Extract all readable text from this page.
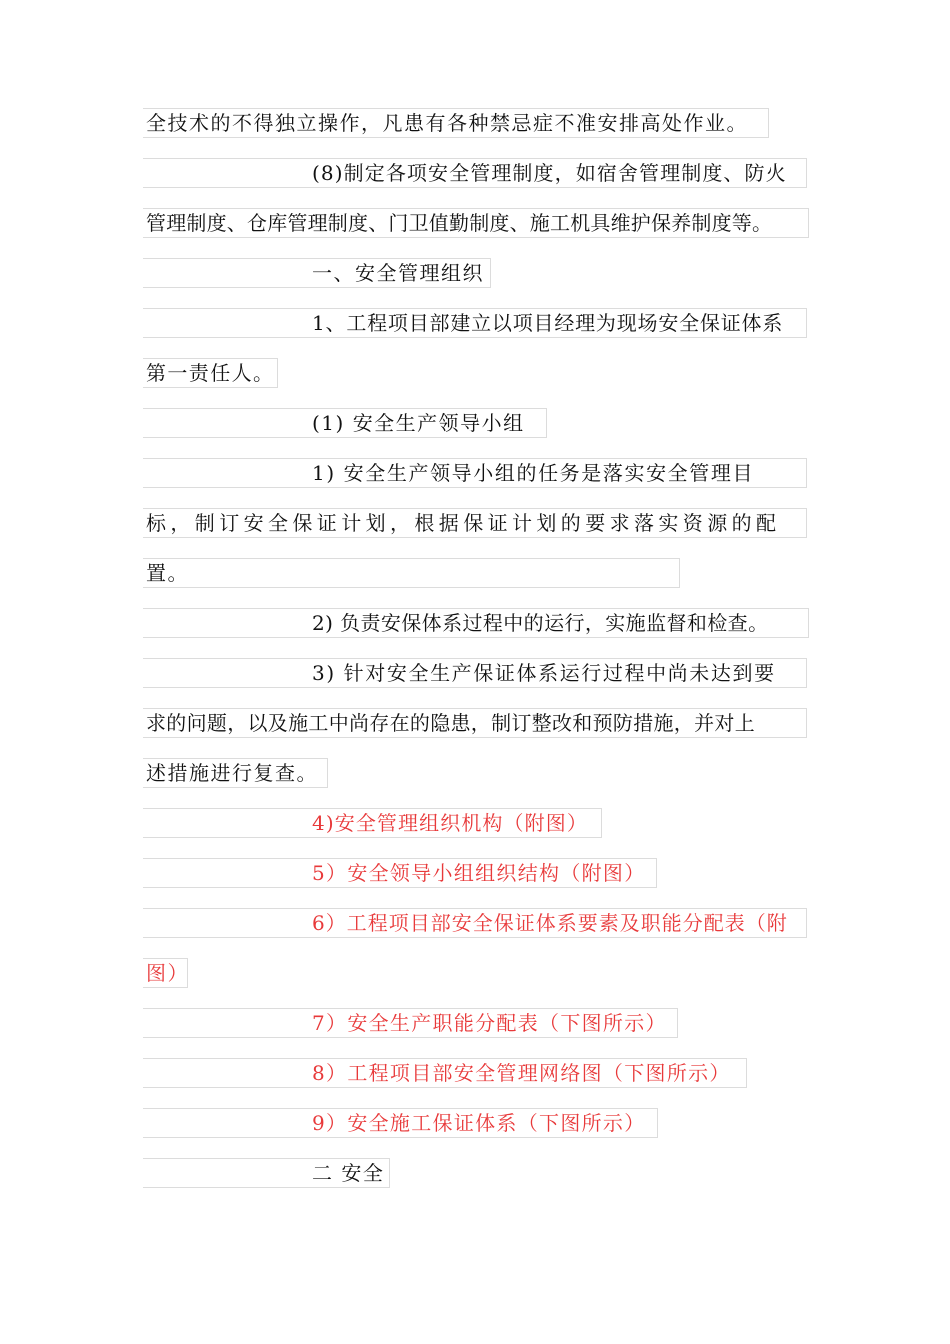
全技术的不得独立操作，凡患有各种禁忌症不准安排高处作业。
(8)制定各项安全管理制度，如宿舍管理制度、防火
管理制度、仓库管理制度、门卫值勤制度、施工机具维护保养制度等。
一、安全管理组织
1、工程项目部建立以项目经理为现场安全保证体系
第一责任人。
(1) 安全生产领导小组
1) 安全生产领导小组的任务是落实安全管理目
标，制订安全保证计划，根据保证计划的要求落实资源的配
置。
2) 负责安保体系过程中的运行，实施监督和检查。
3) 针对安全生产保证体系运行过程中尚未达到要
求的问题，以及施工中尚存在的隐患，制订整改和预防措施，并对上
述措施进行复查。
4)安全管理组织机构（附图）
5）安全领导小组组织结构（附图）
6）工程项目部安全保证体系要素及职能分配表（附
图）
7）安全生产职能分配表（下图所示）
8）工程项目部安全管理网络图（下图所示）
9）安全施工保证体系（下图所示）
二 安全
